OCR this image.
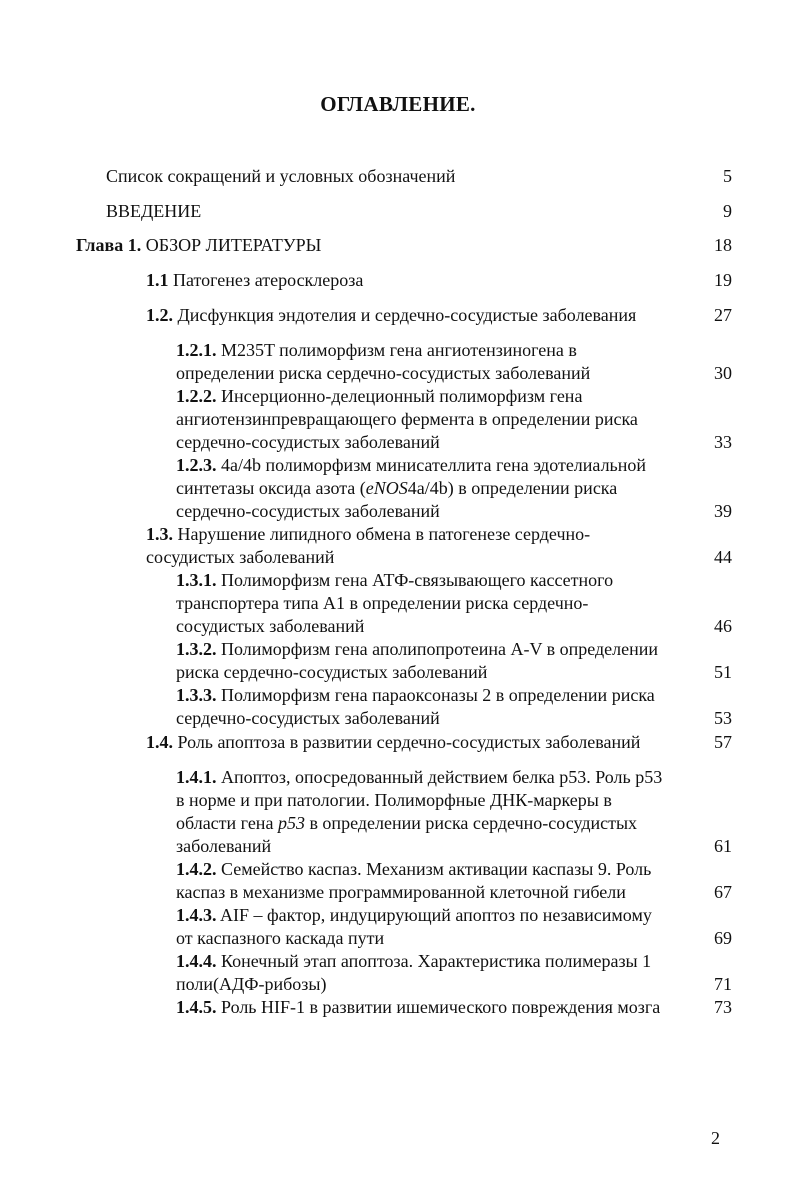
ОГЛАВЛЕНИЕ.
Список сокращений и условных обозначений	5
ВВЕДЕНИЕ	9
Глава 1. ОБЗОР ЛИТЕРАТУРЫ	18
1.1 Патогенез атеросклероза	19
1.2. Дисфункция эндотелия и сердечно-сосудистые заболевания	27
1.2.1. M235T полиморфизм гена ангиотензиногена в
определении риска сердечно-сосудистых заболеваний	30
1.2.2. Инсерционно-делеционный полиморфизм гена
ангиотензинпревращающего фермента в определении риска
сердечно-сосудистых заболеваний	33
1.2.3. 4a/4b полиморфизм минисателлита гена эдотелиальной
синтетазы оксида азота (eNOS4a/4b) в определении риска
сердечно-сосудистых заболеваний	39
1.3. Нарушение липидного обмена в патогенезе сердечно-
сосудистых заболеваний	44
1.3.1. Полиморфизм гена АТФ-связывающего кассетного
транспортера типа А1 в определении риска сердечно-
сосудистых заболеваний	46
1.3.2. Полиморфизм гена аполипопротеина A-V в определении
риска сердечно-сосудистых заболеваний	51
1.3.3. Полиморфизм гена параоксоназы 2 в определении риска
сердечно-сосудистых заболеваний	53
1.4. Роль апоптоза в развитии сердечно-сосудистых заболеваний	57
1.4.1. Апоптоз, опосредованный действием белка p53. Роль p53
в норме и при патологии. Полиморфные ДНК-маркеры в
области гена p53 в определении риска сердечно-сосудистых
заболеваний	61
1.4.2. Семейство каспаз. Механизм активации каспазы 9. Роль
каспаз в механизме программированной клеточной гибели	67
1.4.3. AIF – фактор, индуцирующий апоптоз по независимому
от каспазного каскада пути	69
1.4.4. Конечный этап апоптоза. Характеристика полимеразы 1
поли(АДФ-рибозы)	71
1.4.5. Роль HIF-1 в развитии ишемического повреждения мозга	73
2
